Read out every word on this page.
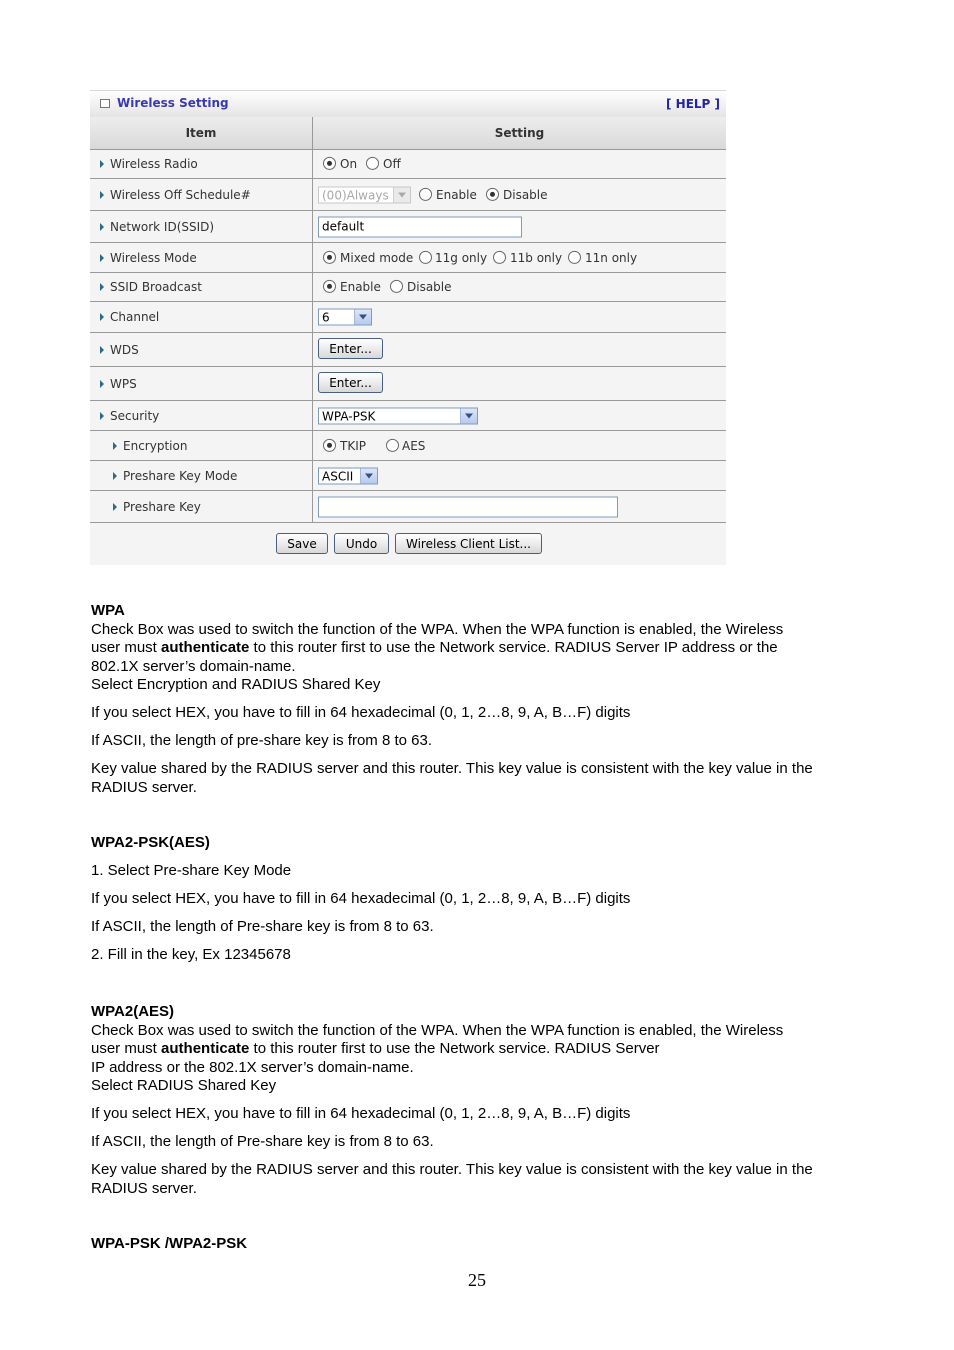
Wireless Setting	[ HELP ]
Item	Setting
Wireless Radio	On Off
Wireless Off Schedule#	(00)Always	Enable Disable
Network ID(SSID)	default
Wireless Mode	Mixed mode 11g only 11b only 11n only
SSID Broadcast	Enable Disable
Channel	6
WDS	Enter...
WPS	Enter...
Security	WPA-PSK
Encryption	TKIP	AES
Preshare Key Mode	ASCII
Preshare Key
Save	Undo	Wireless Client List...

WPA

Check Box was used to switch the function of the WPA. When the WPA function is enabled, the Wireless

user must authenticate to this router first to use the Network service. RADIUS Server IP address or the

802.1X server’s domain-name.

Select Encryption and RADIUS Shared Key

If you select HEX, you have to fill in 64 hexadecimal (0, 1, 2…8, 9, A, B…F) digits

If ASCII, the length of pre-share key is from 8 to 63.

Key value shared by the RADIUS server and this router. This key value is consistent with the key value in the

RADIUS server.

WPA2-PSK(AES)

1. Select Pre-share Key Mode

If you select HEX, you have to fill in 64 hexadecimal (0, 1, 2…8, 9, A, B…F) digits

If ASCII, the length of Pre-share key is from 8 to 63.

2. Fill in the key, Ex 12345678

WPA2(AES)

Check Box was used to switch the function of the WPA. When the WPA function is enabled, the Wireless

user must authenticate to this router first to use the Network service. RADIUS Server

IP address or the 802.1X server’s domain-name.

Select RADIUS Shared Key

If you select HEX, you have to fill in 64 hexadecimal (0, 1, 2…8, 9, A, B…F) digits

If ASCII, the length of Pre-share key is from 8 to 63.

Key value shared by the RADIUS server and this router. This key value is consistent with the key value in the

RADIUS server.

WPA-PSK /WPA2-PSK

25
